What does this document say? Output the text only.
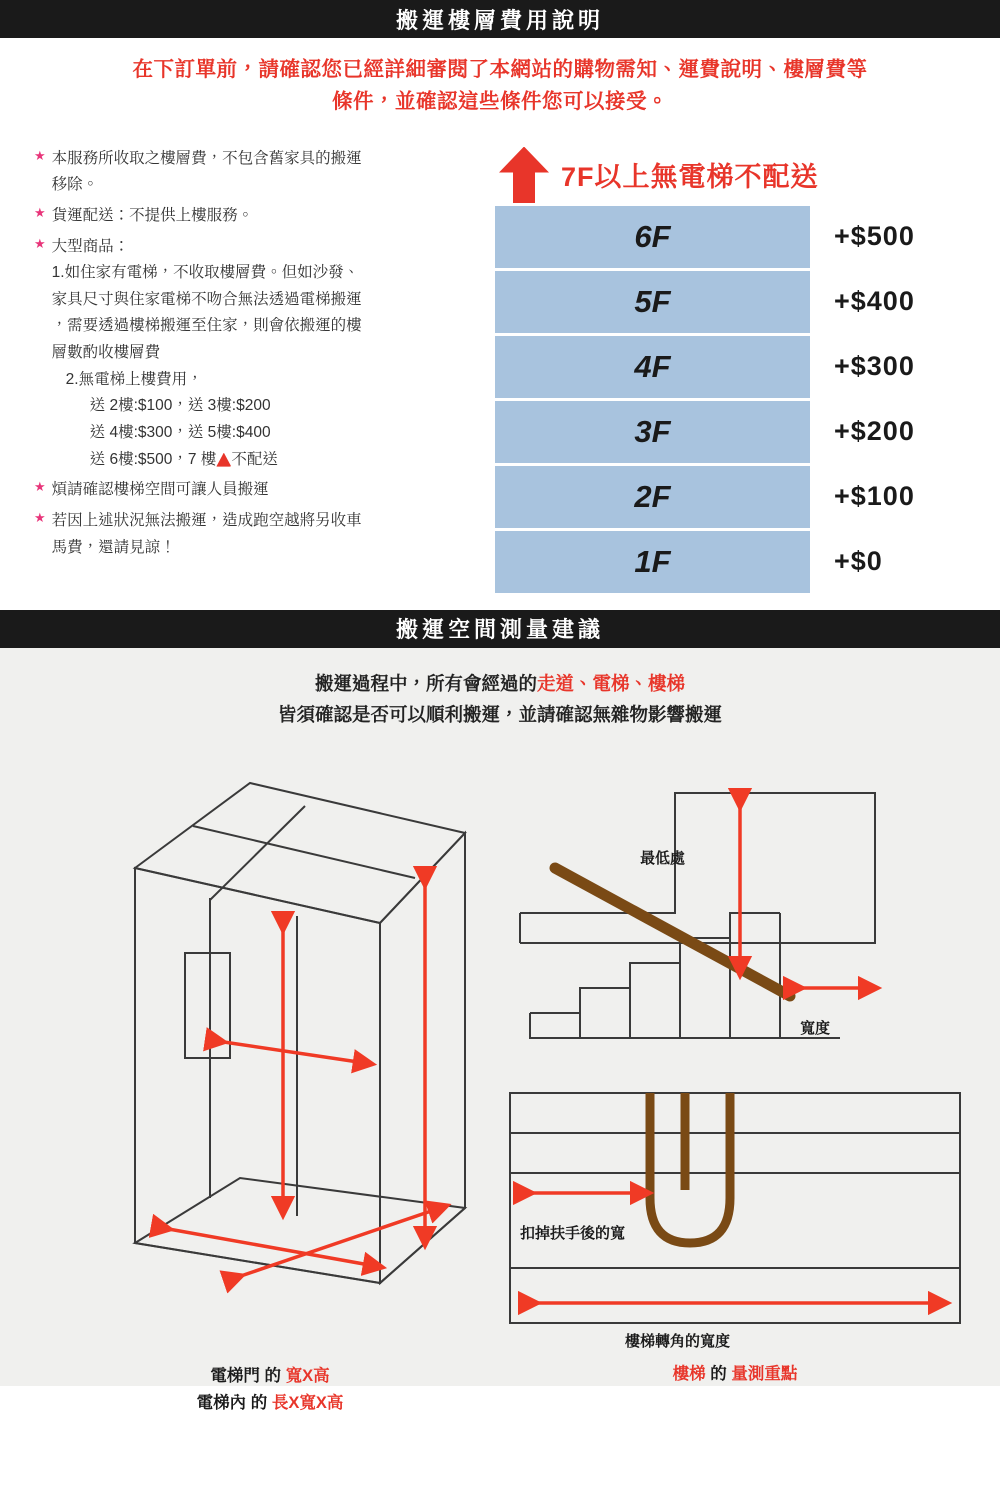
搬運樓層費用說明
在下訂單前，請確認您已經詳細審閱了本網站的購物需知、運費說明、樓層費等
條件，並確認這些條件您可以接受。
★ 本服務所收取之樓層費，不包含舊家具的搬運
移除。
★ 貨運配送：不提供上樓服務。
★ 大型商品：
1.如住家有電梯，不收取樓層費。但如沙發、
家具尺寸與住家電梯不吻合無法透過電梯搬運
，需要透過樓梯搬運至住家，則會依搬運的樓
層數酌收樓層費
2.無電梯上樓費用，
送 2樓:$100，送 3樓:$200
送 4樓:$300，送 5樓:$400
送 6樓:$500，7 樓 不配送
★ 煩請確認樓梯空間可讓人員搬運
★ 若因上述狀況無法搬運，造成跑空越將另收車
馬費，還請見諒！
7F以上無電梯不配送
6F	+$500
5F	+$400
4F	+$300
3F	+$200
2F	+$100
1F	+$0
搬運空間測量建議
搬運過程中，所有會經過的走道、電梯、樓梯
皆須確認是否可以順利搬運，並請確認無雜物影響搬運
電梯門 的 寬X高
電梯內 的 長X寬X高
最低處
寬度
扣掉扶手後的寬
樓梯轉角的寬度
樓梯 的 量測重點
